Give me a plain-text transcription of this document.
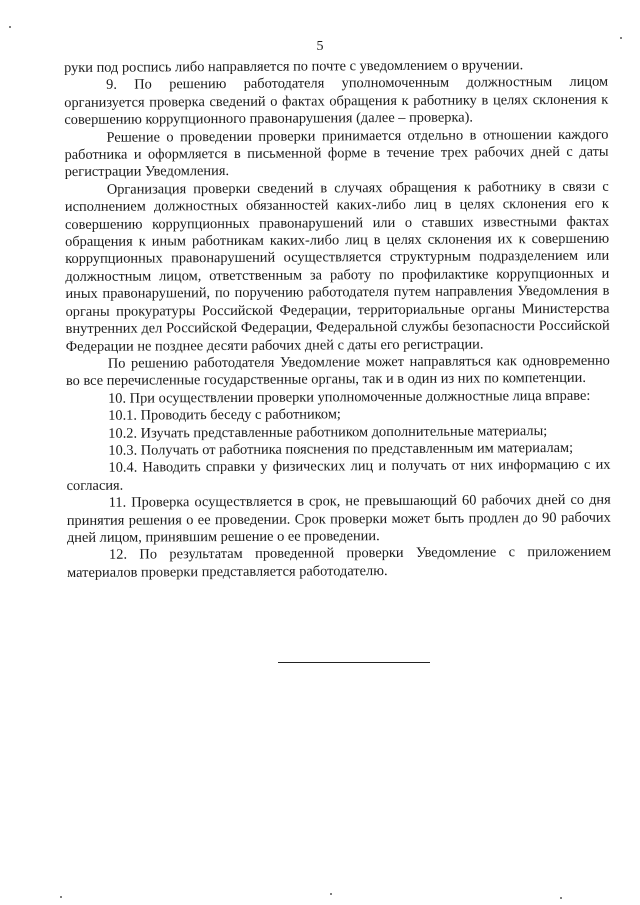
5

руки под роспись либо направляется по почте с уведомлением о вручении.

9. По решению работодателя уполномоченным должностным лицом организуется проверка сведений о фактах обращения к работнику в целях склонения к совершению коррупционного правонарушения (далее – проверка).

Решение о проведении проверки принимается отдельно в отношении каждого работника и оформляется в письменной форме в течение трех рабочих дней с даты регистрации Уведомления.

Организация проверки сведений в случаях обращения к работнику в связи с исполнением должностных обязанностей каких-либо лиц в целях склонения его к совершению коррупционных правонарушений или о ставших известными фактах обращения к иным работникам каких-либо лиц в целях склонения их к совершению коррупционных правонарушений осуществляется структурным подразделением или должностным лицом, ответственным за работу по профилактике коррупционных и иных правонарушений, по поручению работодателя путем направления Уведомления в органы прокуратуры Российской Федерации, территориальные органы Министерства внутренних дел Российской Федерации, Федеральной службы безопасности Российской Федерации не позднее десяти рабочих дней с даты его регистрации.

По решению работодателя Уведомление может направляться как одновременно во все перечисленные государственные органы, так и в один из них по компетенции.

10. При осуществлении проверки уполномоченные должностные лица вправе:

10.1. Проводить беседу с работником;

10.2. Изучать представленные работником дополнительные материалы;

10.3. Получать от работника пояснения по представленным им материалам;

10.4. Наводить справки у физических лиц и получать от них информацию с их согласия.

11. Проверка осуществляется в срок, не превышающий 60 рабочих дней со дня принятия решения о ее проведении. Срок проверки может быть продлен до 90 рабочих дней лицом, принявшим решение о ее проведении.

12. По результатам проведенной проверки Уведомление с приложением материалов проверки представляется работодателю.
